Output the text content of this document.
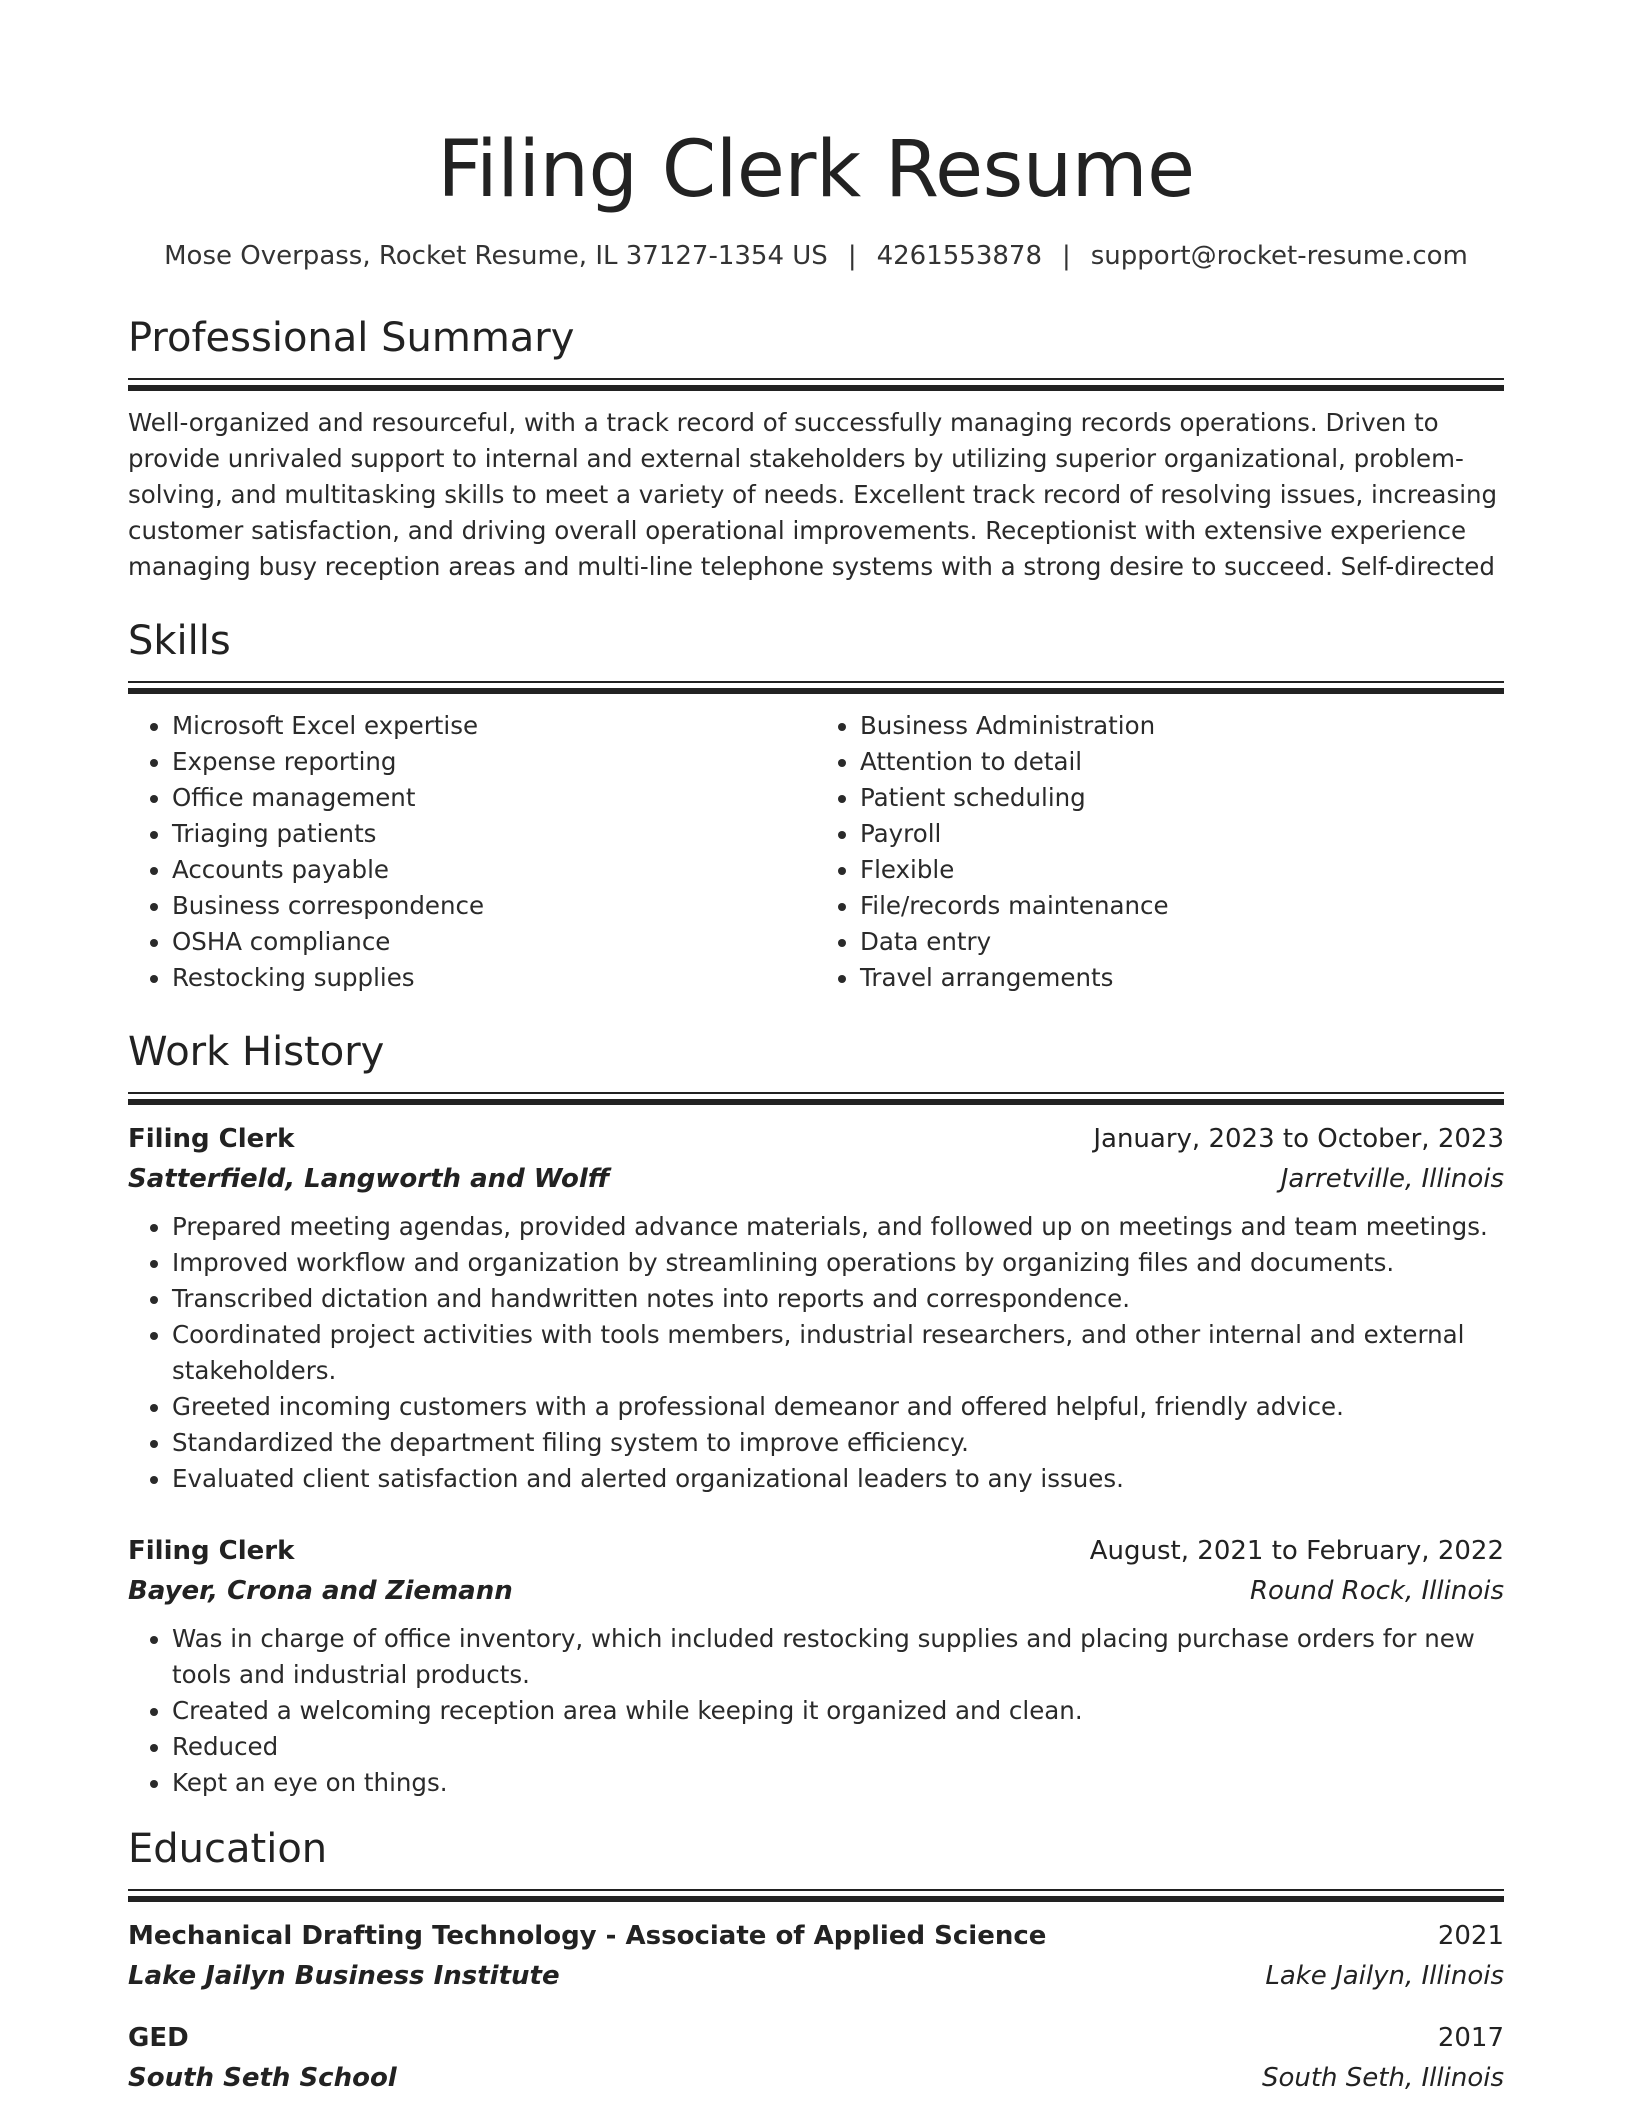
Filing Clerk Resume
Mose Overpass, Rocket Resume, IL 37127-1354 US | 4261553878 | support@rocket-resume.com
Professional Summary

Well-organized and resourceful, with a track record of successfully managing records operations. Driven to provide unrivaled support to internal and external stakeholders by utilizing superior organizational, problem-solving, and multitasking skills to meet a variety of needs. Excellent track record of resolving issues, increasing customer satisfaction, and driving overall operational improvements. Receptionist with extensive experience managing busy reception areas and multi-line telephone systems with a strong desire to succeed. Self-directed

Skills
• Microsoft Excel expertise
• Expense reporting
• Office management
• Triaging patients
• Accounts payable
• Business correspondence
• OSHA compliance
• Restocking supplies
• Business Administration
• Attention to detail
• Patient scheduling
• Payroll
• Flexible
• File/records maintenance
• Data entry
• Travel arrangements
Work History
Filing Clerk	January, 2023 to October, 2023
Satterfield, Langworth and Wolff	Jarretville, Illinois
• Prepared meeting agendas, provided advance materials, and followed up on meetings and team meetings.
• Improved workflow and organization by streamlining operations by organizing files and documents.
• Transcribed dictation and handwritten notes into reports and correspondence.
• Coordinated project activities with tools members, industrial researchers, and other internal and external stakeholders.
• Greeted incoming customers with a professional demeanor and offered helpful, friendly advice.
• Standardized the department filing system to improve efficiency.
• Evaluated client satisfaction and alerted organizational leaders to any issues.
Filing Clerk	August, 2021 to February, 2022
Bayer, Crona and Ziemann	Round Rock, Illinois
• Was in charge of office inventory, which included restocking supplies and placing purchase orders for new tools and industrial products.
• Created a welcoming reception area while keeping it organized and clean.
• Reduced
• Kept an eye on things.
Education
Mechanical Drafting Technology - Associate of Applied Science	2021
Lake Jailyn Business Institute	Lake Jailyn, Illinois
GED	2017
South Seth School	South Seth, Illinois
